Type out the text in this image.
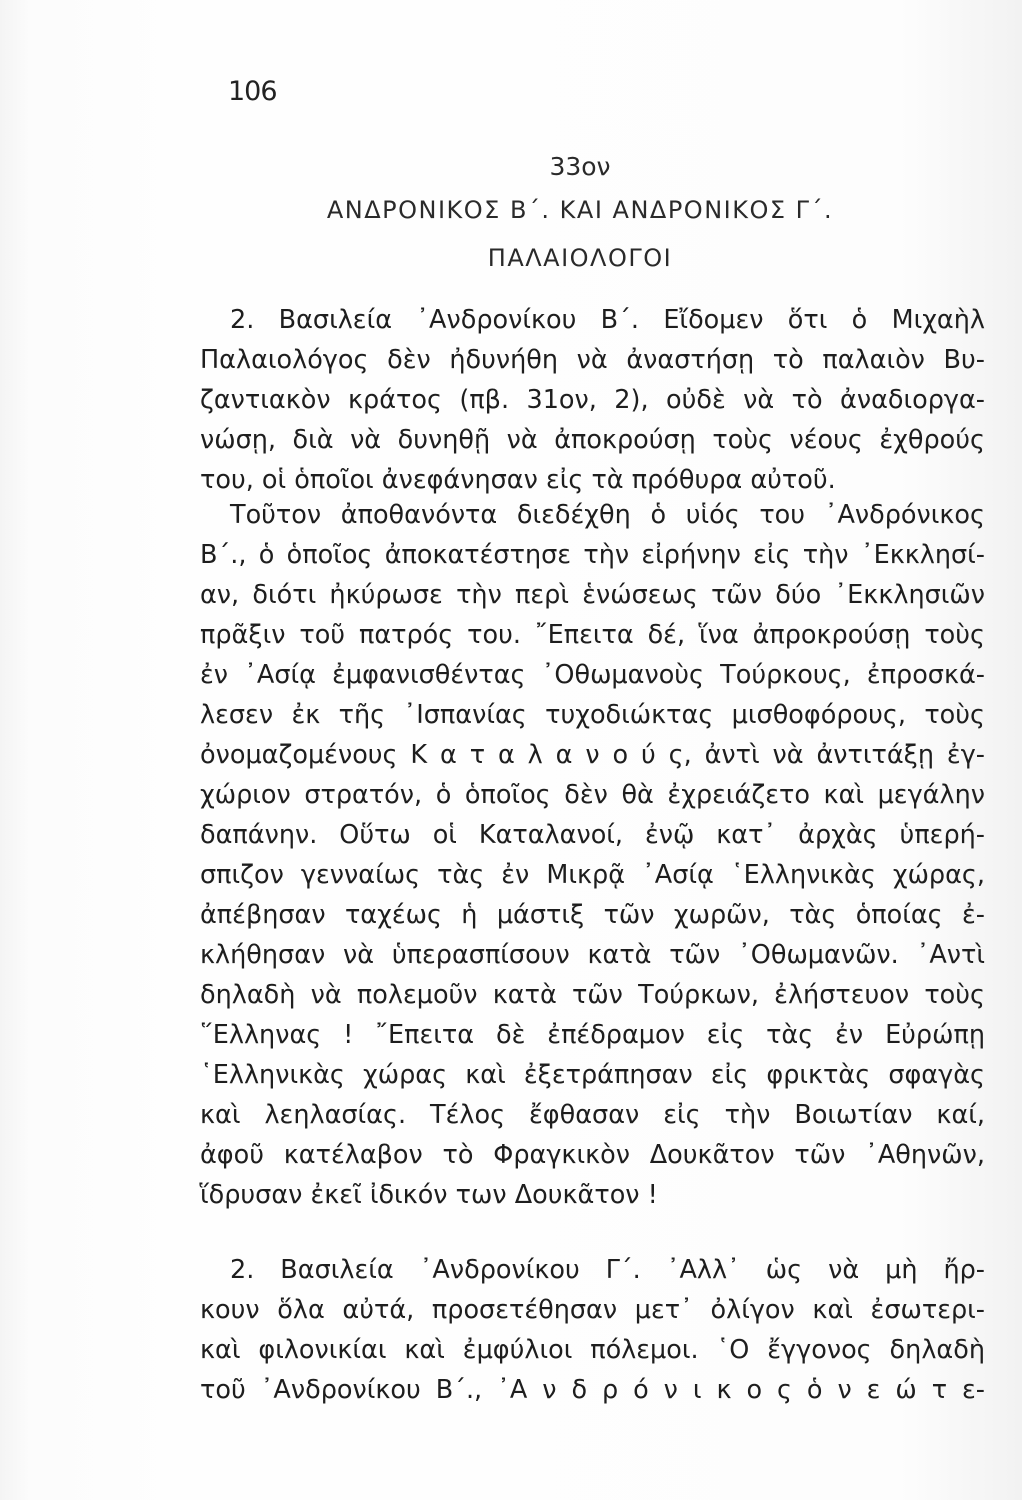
106
33ον
ΑΝΔΡΟΝΙΚΟΣ Β΄. ΚΑΙ ΑΝΔΡΟΝΙΚΟΣ Γ΄.
ΠΑΛΑΙΟΛΟΓΟΙ
2. Βασιλεία ᾿Ανδρονίκου Β΄. Εἴδομεν ὅτι ὁ Μιχαὴλ
Παλαιολόγος δὲν ἠδυνήθη νὰ ἀναστήσῃ τὸ παλαιὸν Βυ-
ζαντιακὸν κράτος (πβ. 31ον, 2), οὐδὲ νὰ τὸ ἀναδιοργα-
νώσῃ, διὰ νὰ δυνηθῇ νὰ ἀποκρούσῃ τοὺς νέους ἐχθρούς
του, οἱ ὁποῖοι ἀνεφάνησαν εἰς τὰ πρόθυρα αὐτοῦ.
Τοῦτον ἀποθανόντα διεδέχθη ὁ υἱός του ᾿Ανδρόνικος
Β΄., ὁ ὁποῖος ἀποκατέστησε τὴν εἰρήνην εἰς τὴν ᾿Εκκλησί-
αν, διότι ἠκύρωσε τὴν περὶ ἑνώσεως τῶν δύο ᾿Εκκλησιῶν
πρᾶξιν τοῦ πατρός του. ῎Επειτα δέ, ἵνα ἀπροκρούσῃ τοὺς
ἐν ᾿Ασίᾳ ἐμφανισθέντας ᾿Οθωμανοὺς Τούρκους, ἐπροσκά-
λεσεν ἐκ τῆς ᾿Ισπανίας τυχοδιώκτας μισθοφόρους, τοὺς
ὀνομαζομένους Κ α τ α λ α ν ο ύ ς, ἀντὶ νὰ ἀντιτάξῃ ἐγ-
χώριον στρατόν, ὁ ὁποῖος δὲν θὰ ἐχρειάζετο καὶ μεγάλην
δαπάνην. Οὕτω οἱ Καταλανοί, ἐνῷ κατ᾿ ἀρχὰς ὑπερή-
σπιζον γενναίως τὰς ἐν Μικρᾷ ᾿Ασίᾳ ῾Ελληνικὰς χώρας,
ἀπέβησαν ταχέως ἡ μάστιξ τῶν χωρῶν, τὰς ὁποίας ἐ-
κλήθησαν νὰ ὑπερασπίσουν κατὰ τῶν ᾿Οθωμανῶν. ᾿Αντὶ
δηλαδὴ νὰ πολεμοῦν κατὰ τῶν Τούρκων, ἐλήστευον τοὺς
῞Ελληνας ! ῎Επειτα δὲ ἐπέδραμον εἰς τὰς ἐν Εὐρώπῃ
῾Ελληνικὰς χώρας καὶ ἐξετράπησαν εἰς φρικτὰς σφαγὰς
καὶ λεηλασίας. Τέλος ἔφθασαν εἰς τὴν Βοιωτίαν καί,
ἀφοῦ κατέλαβον τὸ Φραγκικὸν Δουκᾶτον τῶν ᾿Αθηνῶν,
ἵδρυσαν ἐκεῖ ἰδικόν των Δουκᾶτον !
2. Βασιλεία ᾿Ανδρονίκου Γ΄. ᾿Αλλ᾿ ὡς νὰ μὴ ἤρ-
κουν ὅλα αὐτά, προσετέθησαν μετ᾿ ὀλίγον καὶ ἐσωτερι-
καὶ φιλονικίαι καὶ ἐμφύλιοι πόλεμοι. ῾Ο ἔγγονος δηλαδὴ
τοῦ ᾿Ανδρονίκου Β΄., ᾿Α ν δ ρ ό ν ι κ ο ς ὁ ν ε ώ τ ε-
